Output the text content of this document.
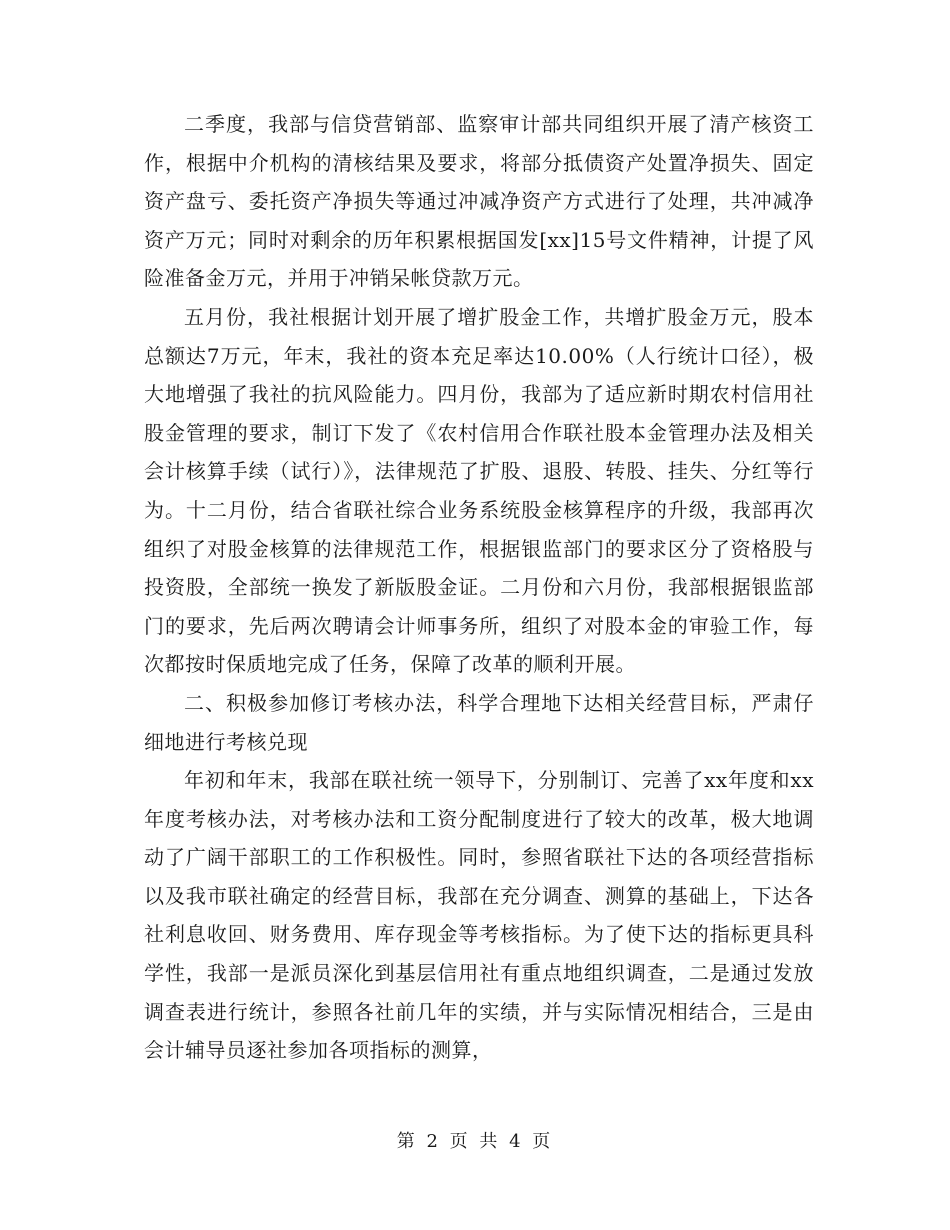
二季度，我部与信贷营销部、监察审计部共同组织开展了清产核资工作，根据中介机构的清核结果及要求，将部分抵债资产处置净损失、固定资产盘亏、委托资产净损失等通过冲减净资产方式进行了处理，共冲减净资产万元；同时对剩余的历年积累根据国发[xx]15号文件精神，计提了风险准备金万元，并用于冲销呆帐贷款万元。

五月份，我社根据计划开展了增扩股金工作，共增扩股金万元，股本总额达7万元，年末，我社的资本充足率达10.00%（人行统计口径），极大地增强了我社的抗风险能力。四月份，我部为了适应新时期农村信用社股金管理的要求，制订下发了《农村信用合作联社股本金管理办法及相关会计核算手续（试行）》，法律规范了扩股、退股、转股、挂失、分红等行为。十二月份，结合省联社综合业务系统股金核算程序的升级，我部再次组织了对股金核算的法律规范工作，根据银监部门的要求区分了资格股与投资股，全部统一换发了新版股金证。二月份和六月份，我部根据银监部门的要求，先后两次聘请会计师事务所，组织了对股本金的审验工作，每次都按时保质地完成了任务，保障了改革的顺利开展。

二、积极参加修订考核办法，科学合理地下达相关经营目标，严肃仔细地进行考核兑现

年初和年末，我部在联社统一领导下，分别制订、完善了xx年度和xx年度考核办法，对考核办法和工资分配制度进行了较大的改革，极大地调动了广阔干部职工的工作积极性。同时，参照省联社下达的各项经营指标以及我市联社确定的经营目标，我部在充分调查、测算的基础上，下达各社利息收回、财务费用、库存现金等考核指标。为了使下达的指标更具科学性，我部一是派员深化到基层信用社有重点地组织调查，二是通过发放调查表进行统计，参照各社前几年的实绩，并与实际情况相结合，三是由会计辅导员逐社参加各项指标的测算，

第 2 页 共 4 页
